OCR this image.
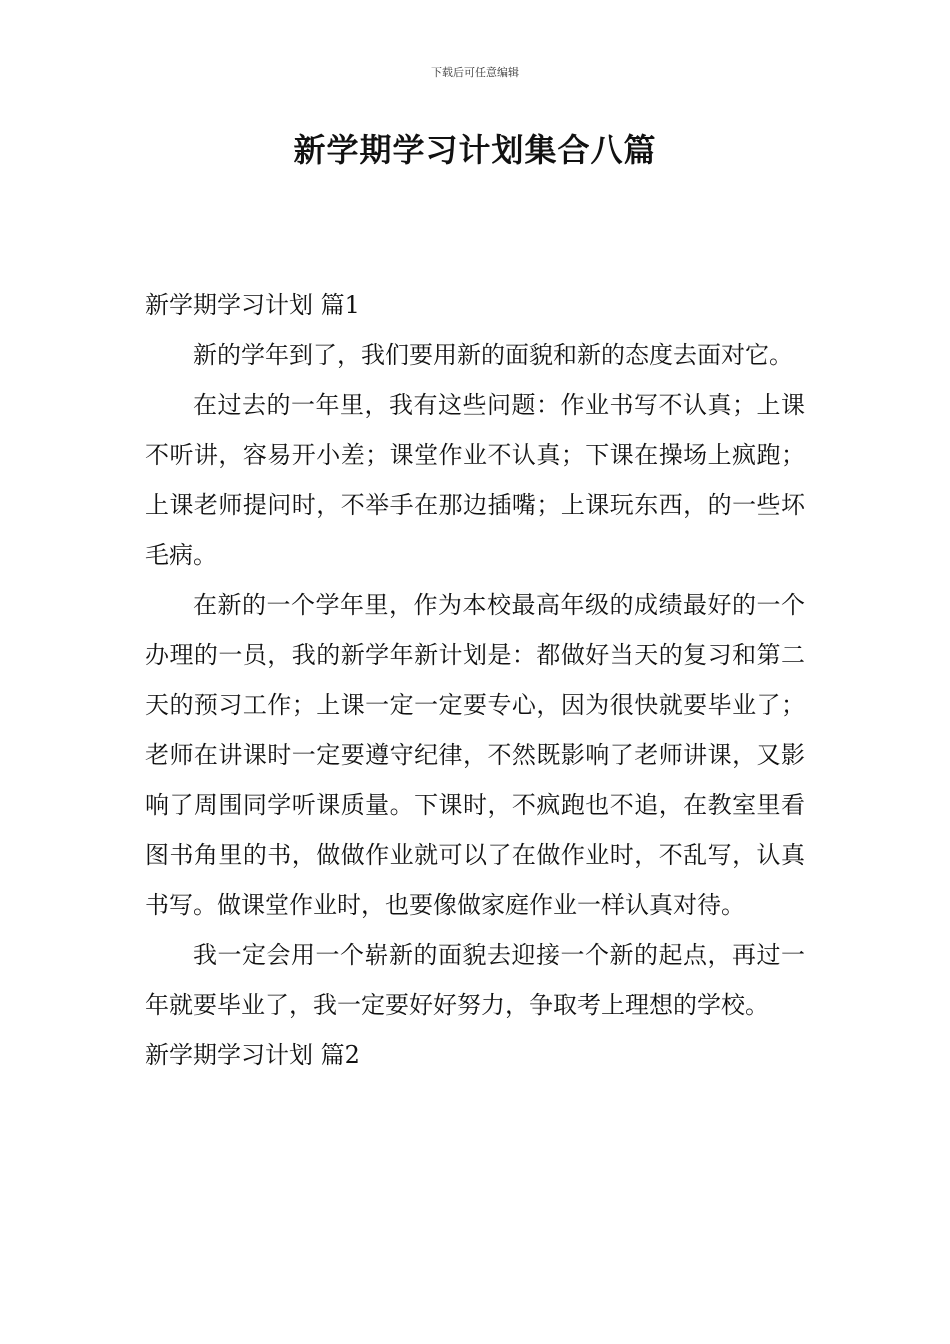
下载后可任意编辑
新学期学习计划集合八篇

新学期学习计划 篇1

新的学年到了，我们要用新的面貌和新的态度去面对它。

在过去的一年里，我有这些问题：作业书写不认真；上课不听讲，容易开小差；课堂作业不认真；下课在操场上疯跑；上课老师提问时，不举手在那边插嘴；上课玩东西，的一些坏毛病。

在新的一个学年里，作为本校最高年级的成绩最好的一个办理的一员，我的新学年新计划是：都做好当天的复习和第二天的预习工作；上课一定一定要专心，因为很快就要毕业了；老师在讲课时一定要遵守纪律，不然既影响了老师讲课，又影响了周围同学听课质量。下课时，不疯跑也不追，在教室里看图书角里的书，做做作业就可以了在做作业时，不乱写，认真书写。做课堂作业时，也要像做家庭作业一样认真对待。

我一定会用一个崭新的面貌去迎接一个新的起点，再过一年就要毕业了，我一定要好好努力，争取考上理想的学校。

新学期学习计划 篇2
